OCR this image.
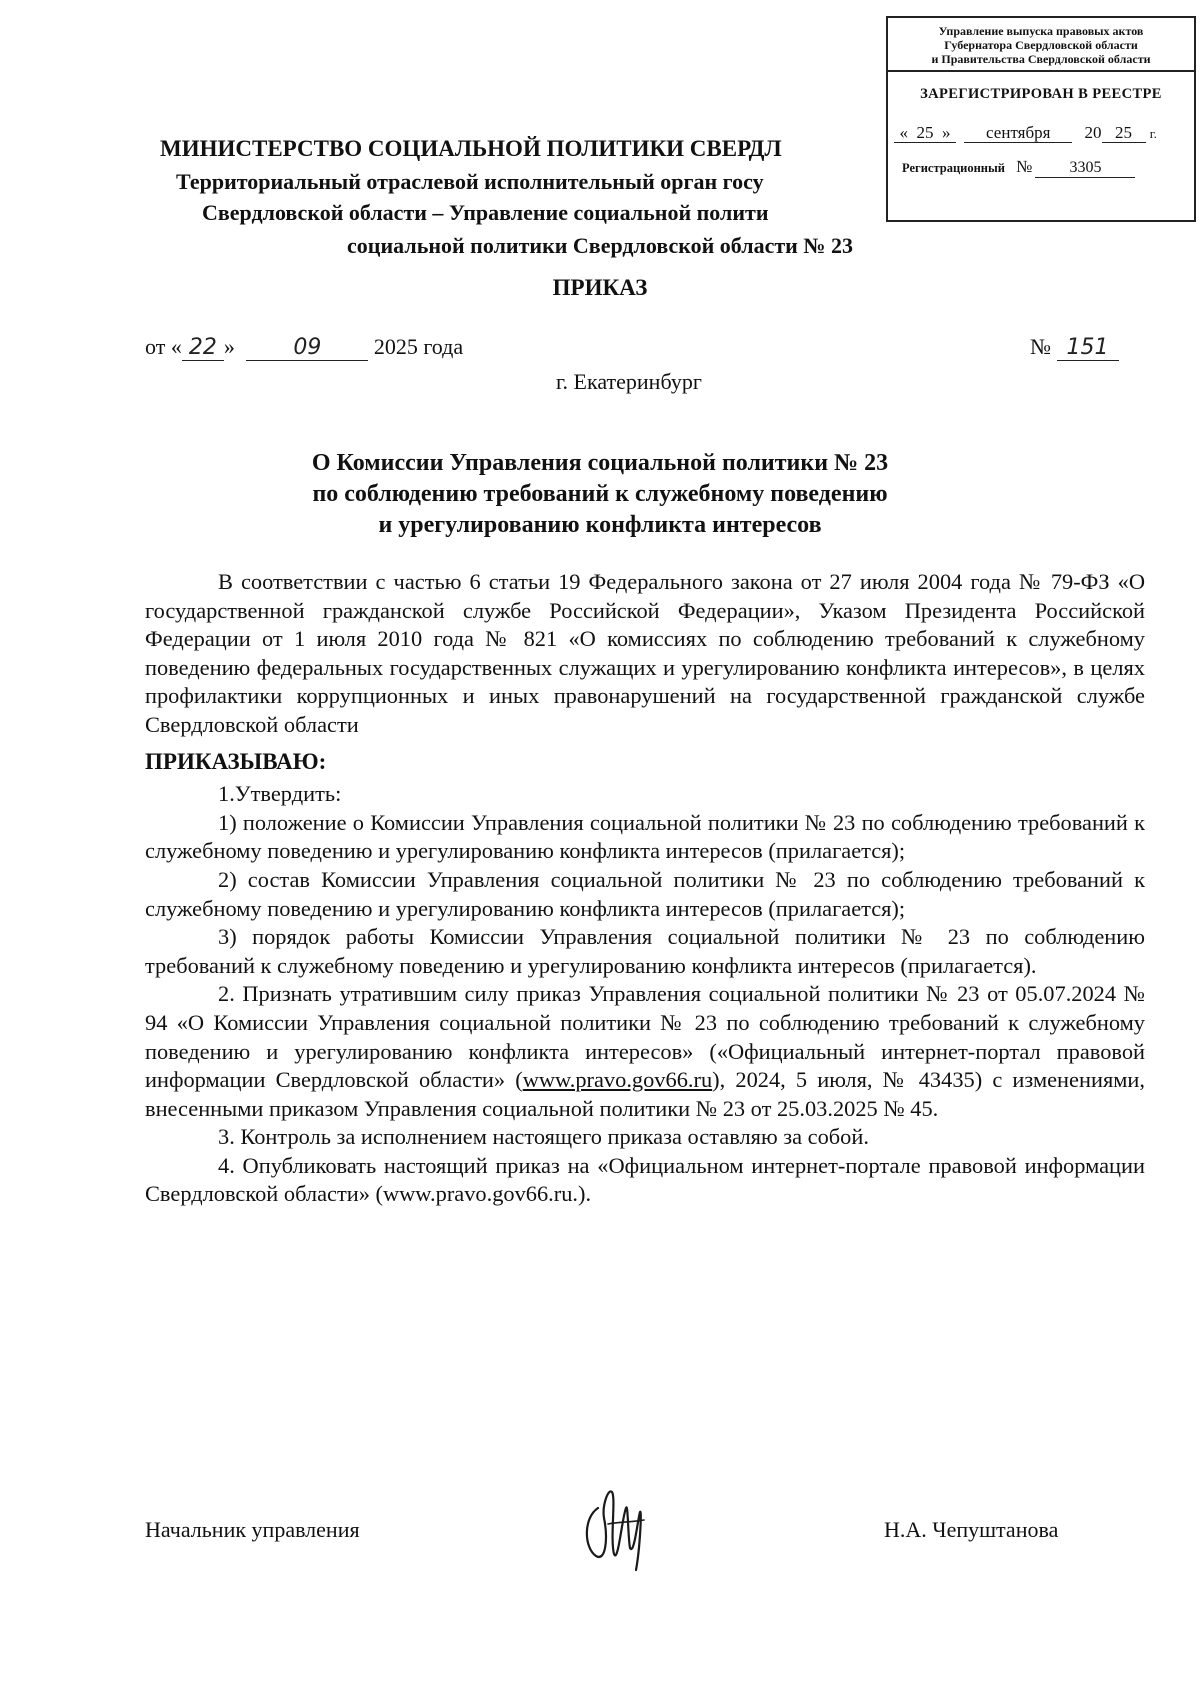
Управление выпуска правовых актов
Губернатора Свердловской области
и Правительства Свердловской области
ЗАРЕГИСТРИРОВАН В РЕЕСТРЕ
« 25 » сентября 20 25 г.
Регистрационный № 3305
МИНИСТЕРСТВО СОЦИАЛЬНОЙ ПОЛИТИКИ СВЕРДЛ
Территориальный отраслевой исполнительный орган госу
Свердловской области – Управление социальной полити
социальной политики Свердловской области № 23
ПРИКАЗ
от « 22 »	09 2025 года	№ 151
г. Екатеринбург
О Комиссии Управления социальной политики № 23
по соблюдению требований к служебному поведению
и урегулированию конфликта интересов

В соответствии с частью 6 статьи 19 Федерального закона от 27 июля 2004 года № 79-ФЗ «О государственной гражданской службе Российской Федерации», Указом Президента Российской Федерации от 1 июля 2010 года № 821 «О комиссиях по соблюдению требований к служебному поведению федеральных государственных служащих и урегулированию конфликта интересов», в целях профилактики коррупционных и иных правонарушений на государственной гражданской службе Свердловской области

ПРИКАЗЫВАЮ:

1.Утвердить:

1) положение о Комиссии Управления социальной политики № 23 по соблюдению требований к служебному поведению и урегулированию конфликта интересов (прилагается);

2) состав Комиссии Управления социальной политики № 23 по соблюдению требований к служебному поведению и урегулированию конфликта интересов (прилагается);

3) порядок работы Комиссии Управления социальной политики № 23 по соблюдению требований к служебному поведению и урегулированию конфликта интересов (прилагается).

2. Признать утратившим силу приказ Управления социальной политики № 23 от 05.07.2024 № 94 «О Комиссии Управления социальной политики № 23 по соблюдению требований к служебному поведению и урегулированию конфликта интересов» («Официальный интернет-портал правовой информации Свердловской области» (www.pravo.gov66.ru), 2024, 5 июля, № 43435) с изменениями, внесенными приказом Управления социальной политики № 23 от 25.03.2025 № 45.

3. Контроль за исполнением настоящего приказа оставляю за собой.

4. Опубликовать настоящий приказ на «Официальном интернет-портале правовой информации Свердловской области» (www.pravo.gov66.ru.).

Начальник управления	Н.А. Чепуштанова
